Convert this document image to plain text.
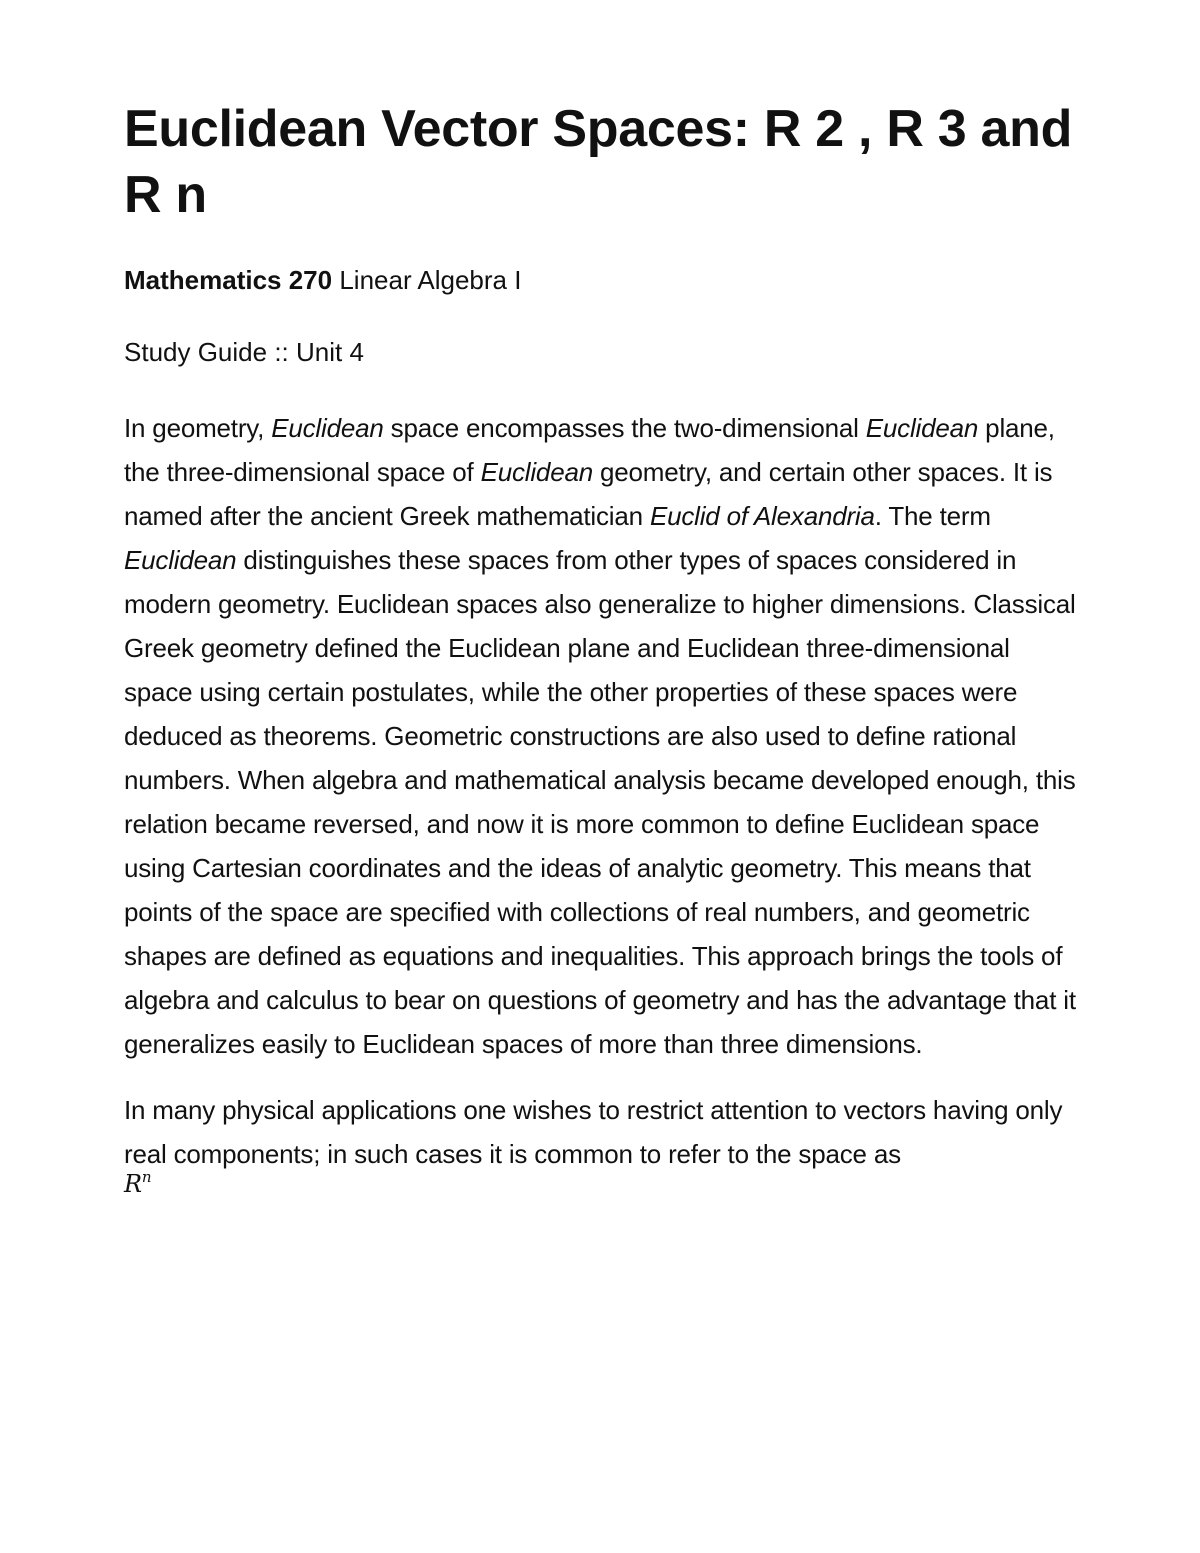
Euclidean Vector Spaces: R 2 , R 3 and R n

Mathematics 270 Linear Algebra I

Study Guide :: Unit 4

In geometry, Euclidean space encompasses the two-dimensional Euclidean plane, the three-dimensional space of Euclidean geometry, and certain other spaces. It is named after the ancient Greek mathematician Euclid of Alexandria. The term Euclidean distinguishes these spaces from other types of spaces considered in modern geometry. Euclidean spaces also generalize to higher dimensions. Classical Greek geometry defined the Euclidean plane and Euclidean three-dimensional space using certain postulates, while the other properties of these spaces were deduced as theorems. Geometric constructions are also used to define rational numbers. When algebra and mathematical analysis became developed enough, this relation became reversed, and now it is more common to define Euclidean space using Cartesian coordinates and the ideas of analytic geometry. This means that points of the space are specified with collections of real numbers, and geometric shapes are defined as equations and inequalities. This approach brings the tools of algebra and calculus to bear on questions of geometry and has the advantage that it generalizes easily to Euclidean spaces of more than three dimensions.

In many physical applications one wishes to restrict attention to vectors having only real components; in such cases it is common to refer to the space as
$R^n$
